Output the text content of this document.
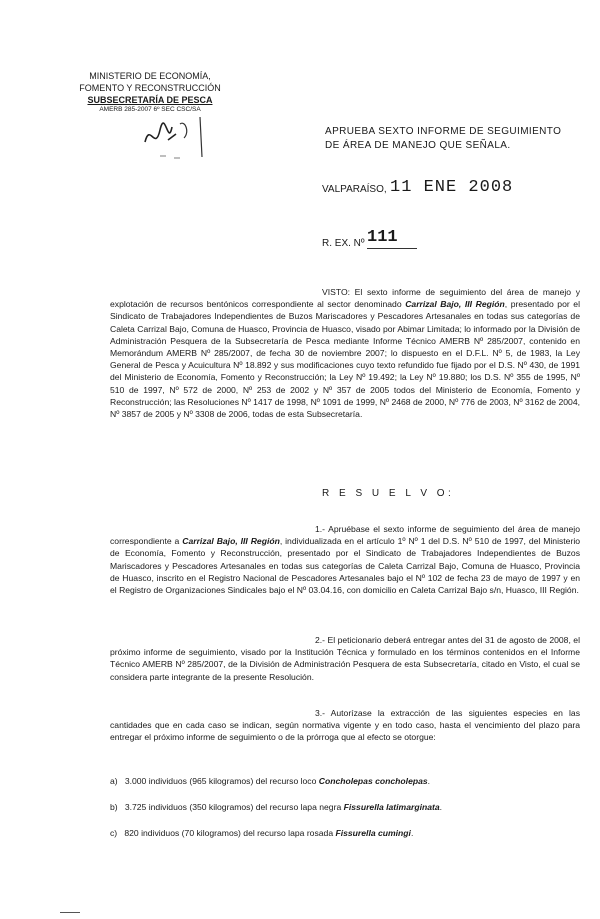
MINISTERIO DE ECONOMÍA,
FOMENTO Y RECONSTRUCCIÓN
SUBSECRETARÍA DE PESCA
AMERB 285-2007 6º SEC CSC/SA
APRUEBA SEXTO INFORME DE SEGUIMIENTO
DE ÁREA DE MANEJO QUE SEÑALA.
VALPARAÍSO, 11 ENE 2008
R. EX. Nº 111
VISTO: El sexto informe de seguimiento del área de manejo y explotación de recursos bentónicos correspondiente al sector denominado Carrizal Bajo, III Región, presentado por el Sindicato de Trabajadores Independientes de Buzos Mariscadores y Pescadores Artesanales en todas sus categorías de Caleta Carrizal Bajo, Comuna de Huasco, Provincia de Huasco, visado por Abimar Limitada; lo informado por la División de Administración Pesquera de la Subsecretaría de Pesca mediante Informe Técnico AMERB Nº 285/2007, contenido en Memorándum AMERB Nº 285/2007, de fecha 30 de noviembre 2007; lo dispuesto en el D.F.L. Nº 5, de 1983, la Ley General de Pesca y Acuicultura Nº 18.892 y sus modificaciones cuyo texto refundido fue fijado por el D.S. Nº 430, de 1991 del Ministerio de Economía, Fomento y Reconstrucción; la Ley Nº 19.492; la Ley Nº 19.880; los D.S. Nº 355 de 1995, Nº 510 de 1997, Nº 572 de 2000, Nº 253 de 2002 y Nº 357 de 2005 todos del Ministerio de Economía, Fomento y Reconstrucción; las Resoluciones Nº 1417 de 1998, Nº 1091 de 1999, Nº 2468 de 2000, Nº 776 de 2003, Nº 3162 de 2004, Nº 3857 de 2005 y Nº 3308 de 2006, todas de esta Subsecretaría.
R E S U E L V O:
1.- Apruébase el sexto informe de seguimiento del área de manejo correspondiente a Carrizal Bajo, III Región, individualizada en el artículo 1º Nº 1 del D.S. Nº 510 de 1997, del Ministerio de Economía, Fomento y Reconstrucción, presentado por el Sindicato de Trabajadores Independientes de Buzos Mariscadores y Pescadores Artesanales en todas sus categorías de Caleta Carrizal Bajo, Comuna de Huasco, Provincia de Huasco, inscrito en el Registro Nacional de Pescadores Artesanales bajo el Nº 102 de fecha 23 de mayo de 1997 y en el Registro de Organizaciones Sindicales bajo el Nº 03.04.16, con domicilio en Caleta Carrizal Bajo s/n, Huasco, III Región.
2.- El peticionario deberá entregar antes del 31 de agosto de 2008, el próximo informe de seguimiento, visado por la Institución Técnica y formulado en los términos contenidos en el Informe Técnico AMERB Nº 285/2007, de la División de Administración Pesquera de esta Subsecretaría, citado en Visto, el cual se considera parte integrante de la presente Resolución.
3.- Autorízase la extracción de las siguientes especies en las cantidades que en cada caso se indican, según normativa vigente y en todo caso, hasta el vencimiento del plazo para entregar el próximo informe de seguimiento o de la prórroga que al efecto se otorgue:
a) 3.000 individuos (965 kilogramos) del recurso loco Concholepas concholepas.
b) 3.725 individuos (350 kilogramos) del recurso lapa negra Fissurella latimarginata.
c) 820 individuos (70 kilogramos) del recurso lapa rosada Fissurella cumingi.
